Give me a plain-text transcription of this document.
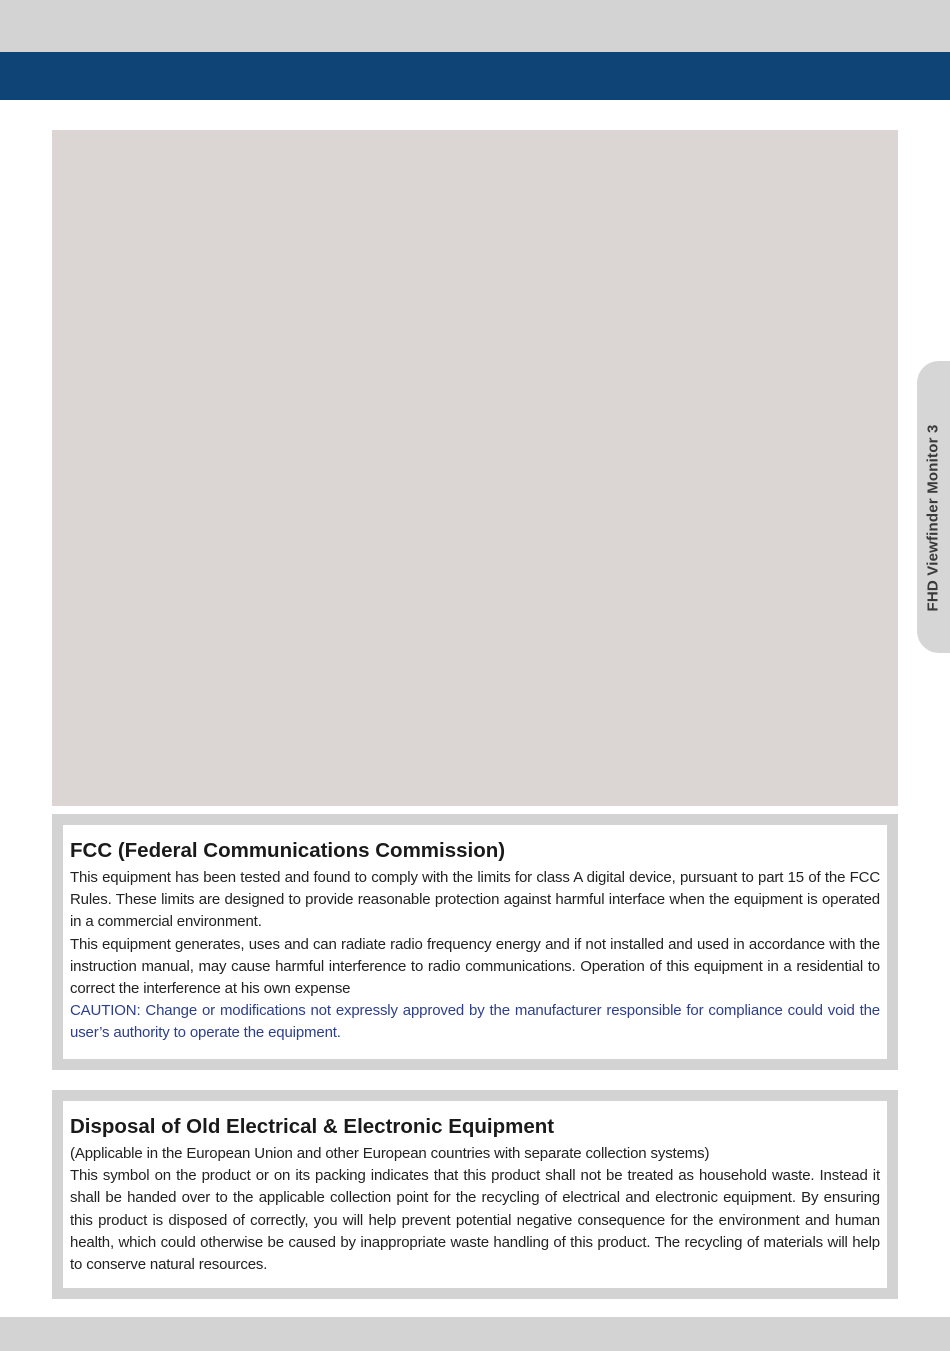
FHD Viewfinder Monitor 3
FCC (Federal Communications Commission)

This equipment has been tested and found to comply with the limits for class A digital device, pursuant to part 15 of the FCC Rules. These limits are designed to provide reasonable protection against harmful interface when the equipment is operated in a commercial environment.

This equipment generates, uses and can radiate radio frequency energy and if not installed and used in accordance with the instruction manual, may cause harmful interference to radio communications. Operation of this equipment in a residential to correct the interference at his own expense

CAUTION: Change or modifications not expressly approved by the manufacturer responsible for compliance could void the user’s authority to operate the equipment.

Disposal of Old Electrical & Electronic Equipment

(Applicable in the European Union and other European countries with separate collection systems)

This symbol on the product or on its packing indicates that this product shall not be treated as household waste. Instead it shall be handed over to the applicable collection point for the recycling of electrical and electronic equipment. By ensuring this product is disposed of correctly, you will help prevent potential negative consequence for the environment and human health, which could otherwise be caused by inappropriate waste handling of this product. The recycling of materials will help to conserve natural resources.
